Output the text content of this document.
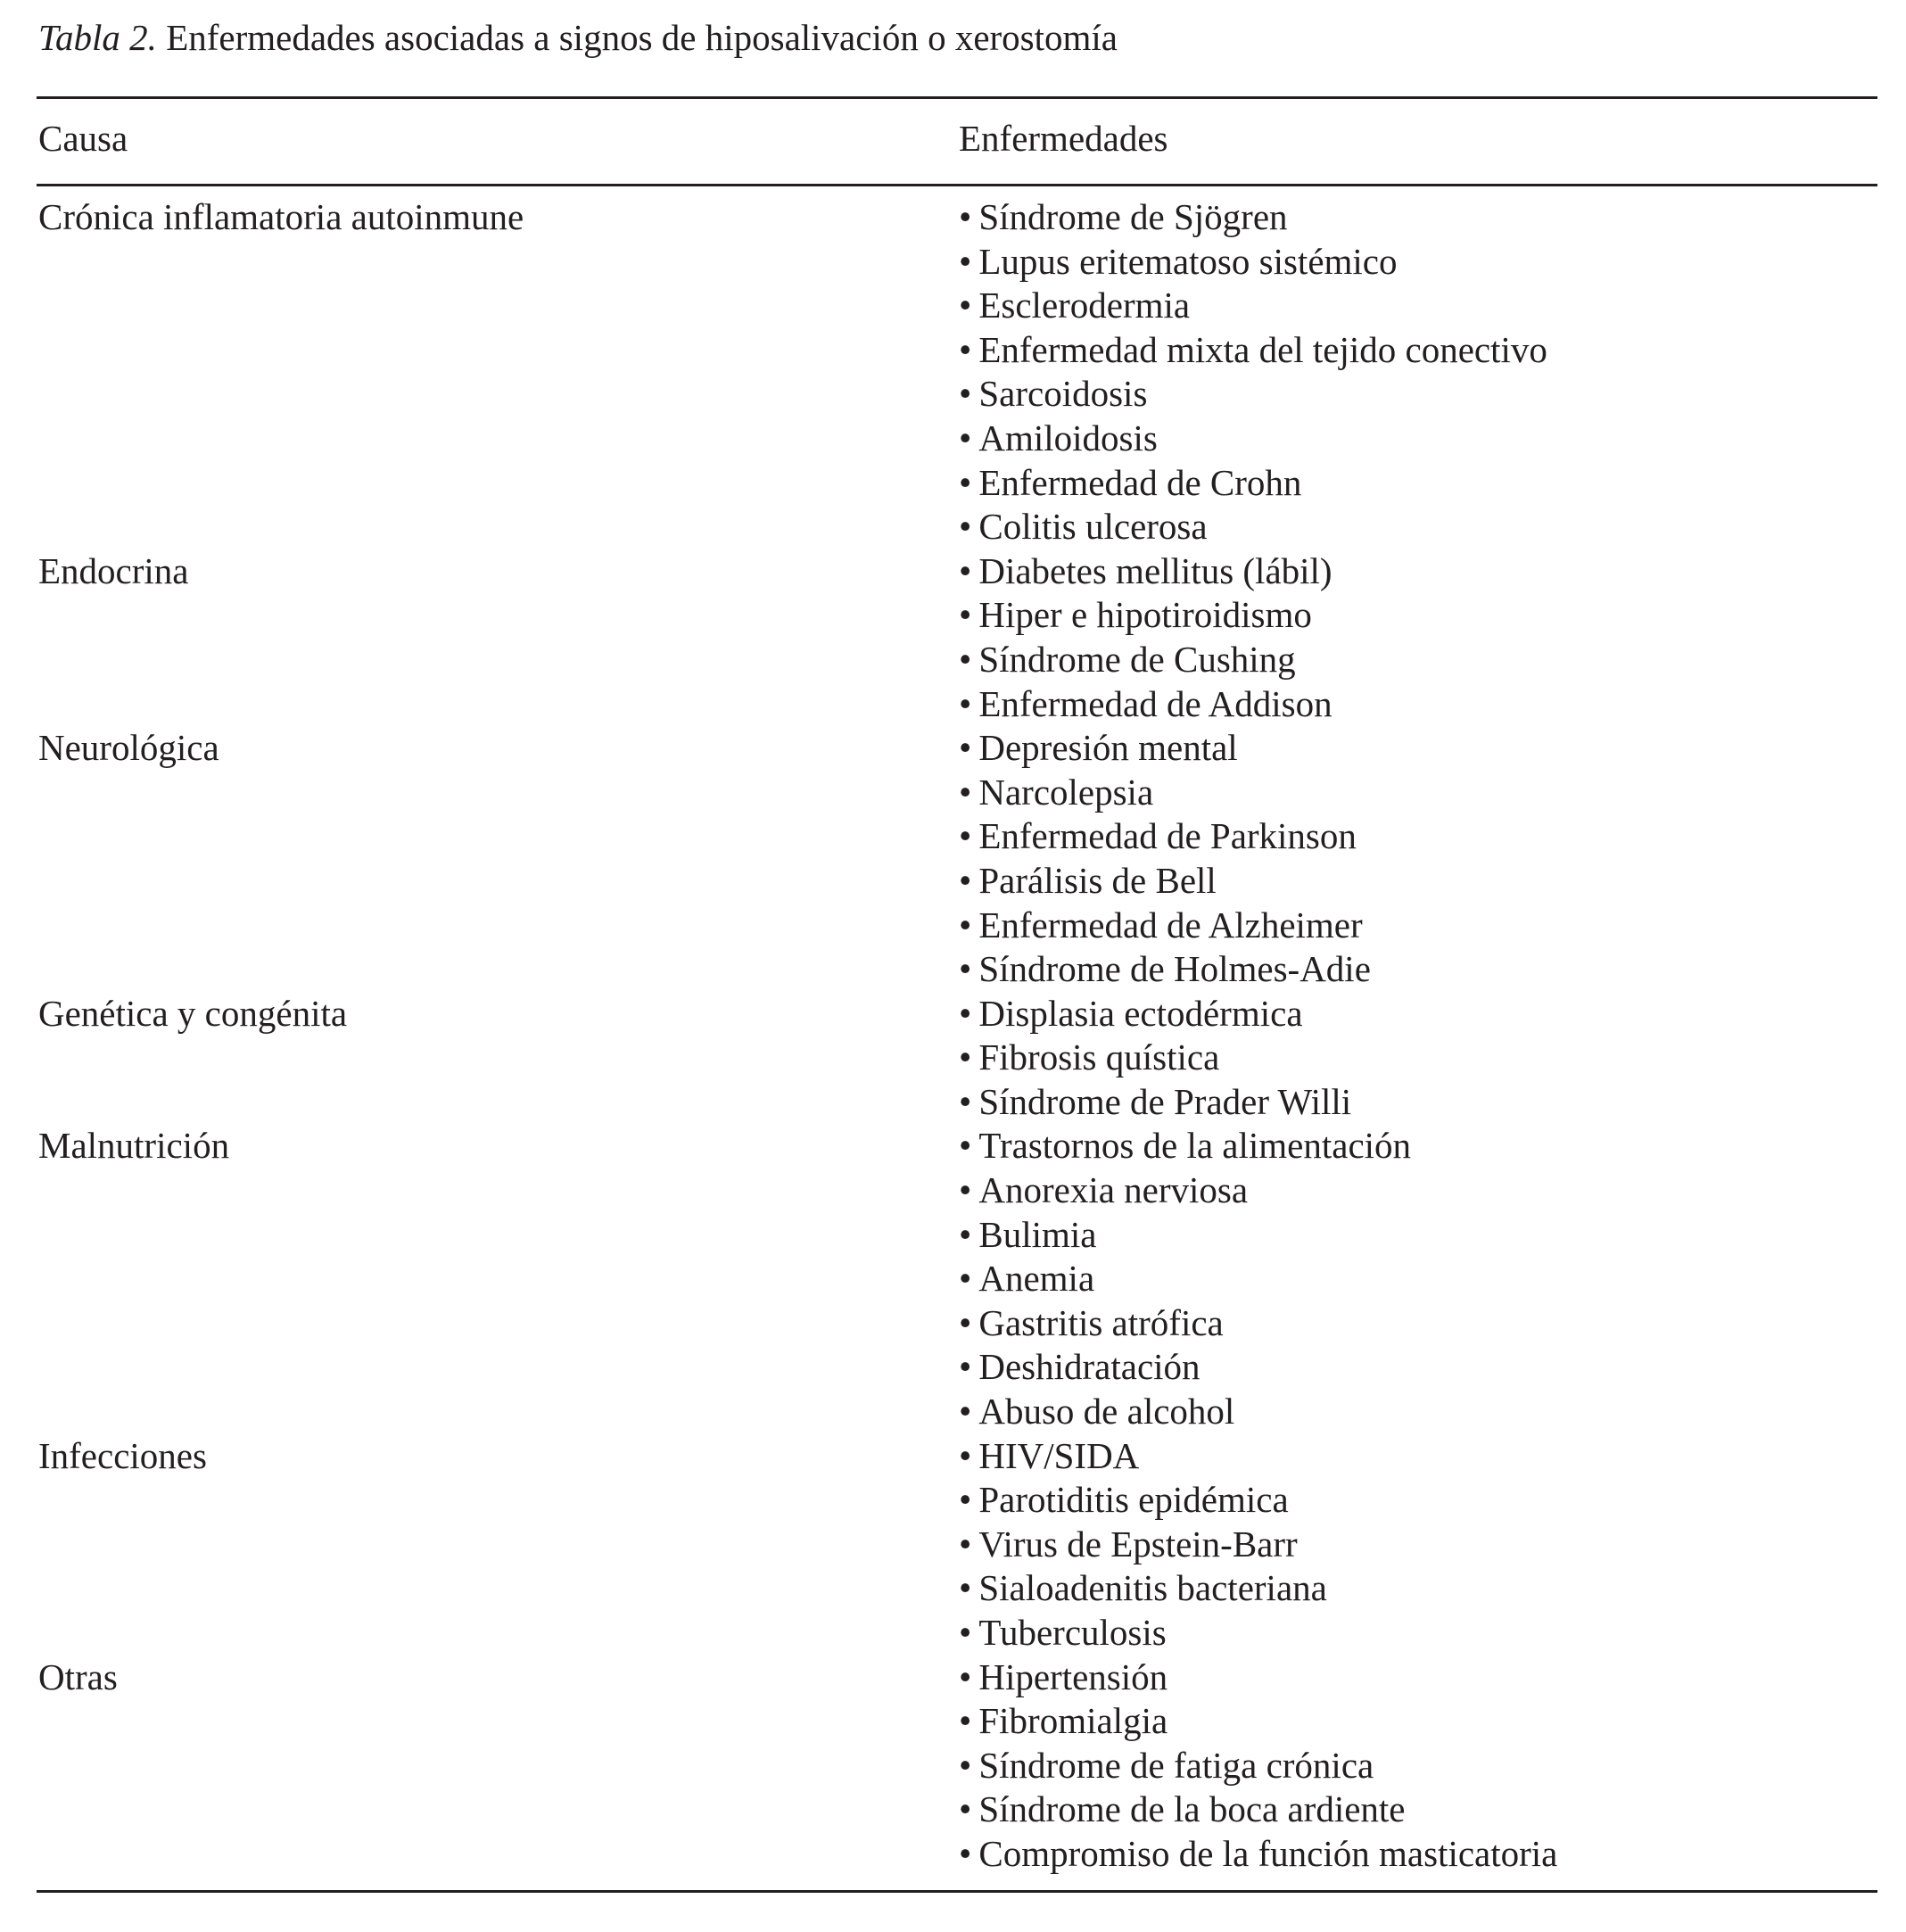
Tabla 2. Enfermedades asociadas a signos de hiposalivación o xerostomía
Causa	Enfermedades
Crónica inflamatoria autoinmune	• Síndrome de Sjögren
• Lupus eritematoso sistémico
• Esclerodermia
• Enfermedad mixta del tejido conectivo
• Sarcoidosis
• Amiloidosis
• Enfermedad de Crohn
• Colitis ulcerosa
Endocrina	• Diabetes mellitus (lábil)
• Hiper e hipotiroidismo
• Síndrome de Cushing
• Enfermedad de Addison
Neurológica	• Depresión mental
• Narcolepsia
• Enfermedad de Parkinson
• Parálisis de Bell
• Enfermedad de Alzheimer
• Síndrome de Holmes-Adie
Genética y congénita	• Displasia ectodérmica
• Fibrosis quística
• Síndrome de Prader Willi
Malnutrición	• Trastornos de la alimentación
• Anorexia nerviosa
• Bulimia
• Anemia
• Gastritis atrófica
• Deshidratación
• Abuso de alcohol
Infecciones	• HIV/SIDA
• Parotiditis epidémica
• Virus de Epstein-Barr
• Sialoadenitis bacteriana
• Tuberculosis
Otras	• Hipertensión
• Fibromialgia
• Síndrome de fatiga crónica
• Síndrome de la boca ardiente
• Compromiso de la función masticatoria
